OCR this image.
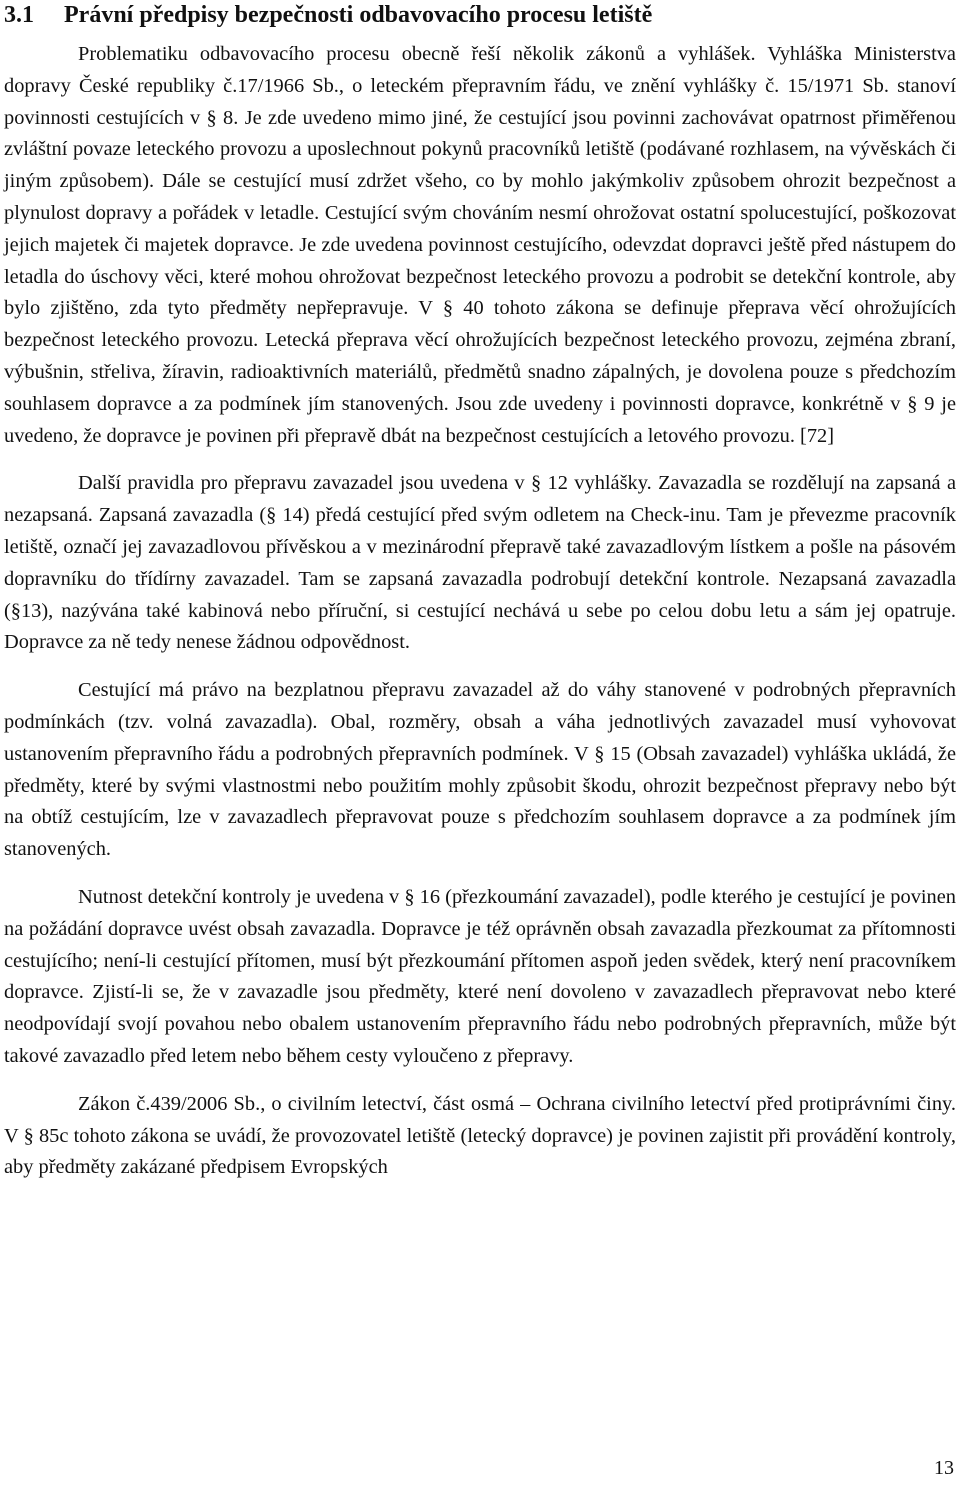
3.1 Právní předpisy bezpečnosti odbavovacího procesu letiště

Problematiku odbavovacího procesu obecně řeší několik zákonů a vyhlášek. Vyhláška Ministerstva dopravy České republiky č.17/1966 Sb., o leteckém přepravním řádu, ve znění vyhlášky č. 15/1971 Sb. stanoví povinnosti cestujících v § 8. Je zde uvedeno mimo jiné, že cestující jsou povinni zachovávat opatrnost přiměřenou zvláštní povaze leteckého provozu a uposlechnout pokynů pracovníků letiště (podávané rozhlasem, na vývěskách či jiným způsobem). Dále se cestující musí zdržet všeho, co by mohlo jakýmkoliv způsobem ohrozit bezpečnost a plynulost dopravy a pořádek v letadle. Cestující svým chováním nesmí ohrožovat ostatní spolucestující, poškozovat jejich majetek či majetek dopravce. Je zde uvedena povinnost cestujícího, odevzdat dopravci ještě před nástupem do letadla do úschovy věci, které mohou ohrožovat bezpečnost leteckého provozu a podrobit se detekční kontrole, aby bylo zjištěno, zda tyto předměty nepřepravuje. V § 40 tohoto zákona se definuje přeprava věcí ohrožujících bezpečnost leteckého provozu. Letecká přeprava věcí ohrožujících bezpečnost leteckého provozu, zejména zbraní, výbušnin, střeliva, žíravin, radioaktivních materiálů, předmětů snadno zápalných, je dovolena pouze s předchozím souhlasem dopravce a za podmínek jím stanovených. Jsou zde uvedeny i povinnosti dopravce, konkrétně v § 9 je uvedeno, že dopravce je povinen při přepravě dbát na bezpečnost cestujících a letového provozu. [72]

Další pravidla pro přepravu zavazadel jsou uvedena v § 12 vyhlášky. Zavazadla se rozdělují na zapsaná a nezapsaná. Zapsaná zavazadla (§ 14) předá cestující před svým odletem na Check-inu. Tam je převezme pracovník letiště, označí jej zavazadlovou přívěskou a v mezinárodní přepravě také zavazadlovým lístkem a pošle na pásovém dopravníku do třídírny zavazadel. Tam se zapsaná zavazadla podrobují detekční kontrole. Nezapsaná zavazadla (§13), nazývána také kabinová nebo příruční, si cestující nechává u sebe po celou dobu letu a sám jej opatruje. Dopravce za ně tedy nenese žádnou odpovědnost.

Cestující má právo na bezplatnou přepravu zavazadel až do váhy stanovené v podrobných přepravních podmínkách (tzv. volná zavazadla). Obal, rozměry, obsah a váha jednotlivých zavazadel musí vyhovovat ustanovením přepravního řádu a podrobných přepravních podmínek. V § 15 (Obsah zavazadel) vyhláška ukládá, že předměty, které by svými vlastnostmi nebo použitím mohly způsobit škodu, ohrozit bezpečnost přepravy nebo být na obtíž cestujícím, lze v zavazadlech přepravovat pouze s předchozím souhlasem dopravce a za podmínek jím stanovených.

Nutnost detekční kontroly je uvedena v § 16 (přezkoumání zavazadel), podle kterého je cestující je povinen na požádání dopravce uvést obsah zavazadla. Dopravce je též oprávněn obsah zavazadla přezkoumat za přítomnosti cestujícího; není-li cestující přítomen, musí být přezkoumání přítomen aspoň jeden svědek, který není pracovníkem dopravce. Zjistí-li se, že v zavazadle jsou předměty, které není dovoleno v zavazadlech přepravovat nebo které neodpovídají svojí povahou nebo obalem ustanovením přepravního řádu nebo podrobných přepravních, může být takové zavazadlo před letem nebo během cesty vyloučeno z přepravy.

Zákon č.439/2006 Sb., o civilním letectví, část osmá – Ochrana civilního letectví před protiprávními činy. V § 85c tohoto zákona se uvádí, že provozovatel letiště (letecký dopravce) je povinen zajistit při provádění kontroly, aby předměty zakázané předpisem Evropských

13
